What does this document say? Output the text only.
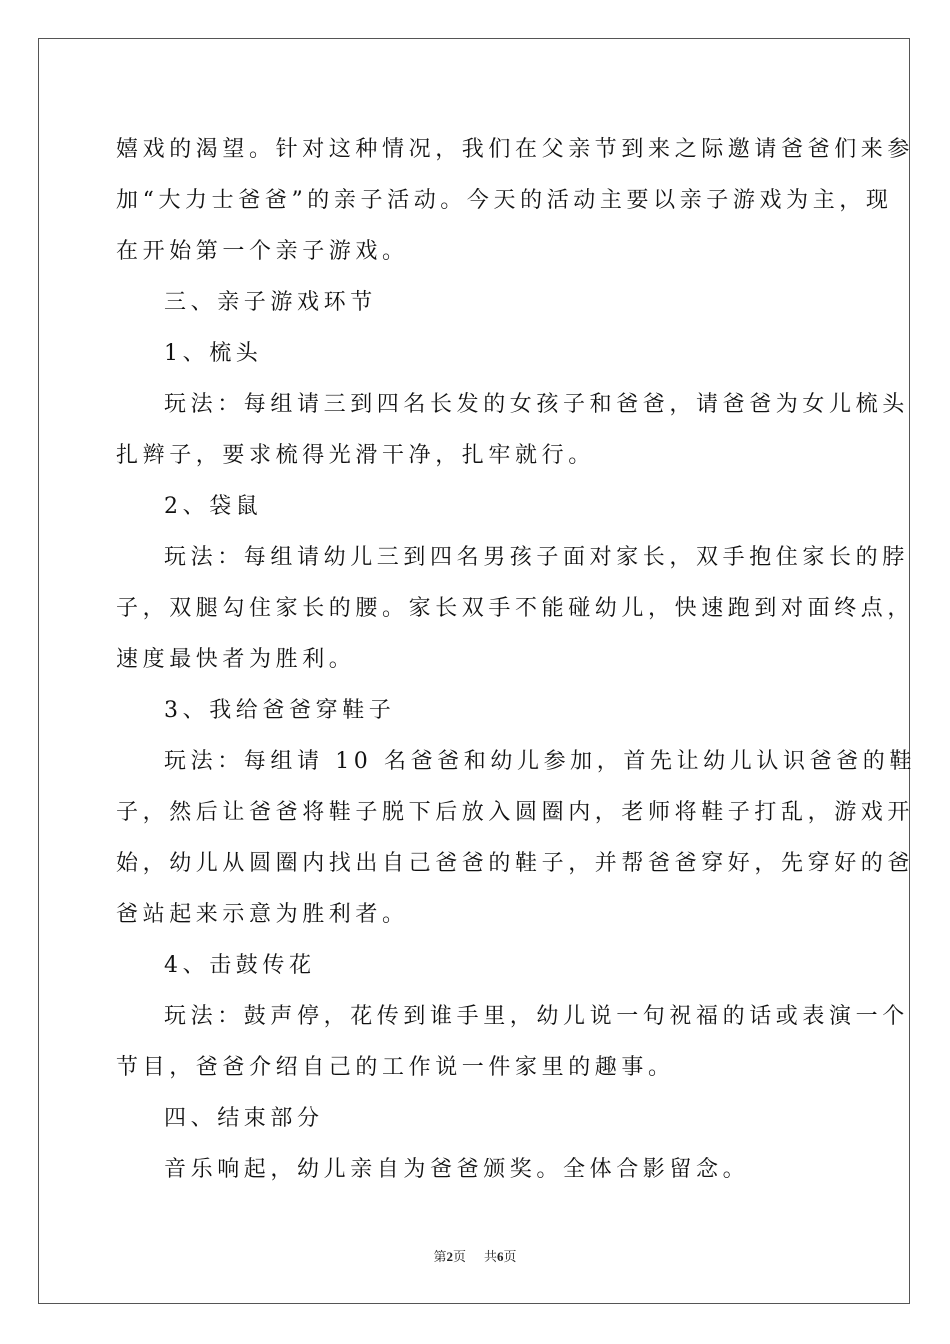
嬉戏的渴望。针对这种情况，我们在父亲节到来之际邀请爸爸们来参
加“大力士爸爸”的亲子活动。今天的活动主要以亲子游戏为主，现
在开始第一个亲子游戏。
三、亲子游戏环节
1、梳头
玩法：每组请三到四名长发的女孩子和爸爸，请爸爸为女儿梳头
扎辫子，要求梳得光滑干净，扎牢就行。
2、袋鼠
玩法：每组请幼儿三到四名男孩子面对家长，双手抱住家长的脖
子，双腿勾住家长的腰。家长双手不能碰幼儿，快速跑到对面终点，
速度最快者为胜利。
3、我给爸爸穿鞋子
玩法：每组请 10 名爸爸和幼儿参加，首先让幼儿认识爸爸的鞋
子，然后让爸爸将鞋子脱下后放入圆圈内，老师将鞋子打乱，游戏开
始，幼儿从圆圈内找出自己爸爸的鞋子，并帮爸爸穿好，先穿好的爸
爸站起来示意为胜利者。
4、击鼓传花
玩法：鼓声停，花传到谁手里，幼儿说一句祝福的话或表演一个
节目，爸爸介绍自己的工作说一件家里的趣事。
四、结束部分
音乐响起，幼儿亲自为爸爸颁奖。全体合影留念。
第2页 共6页
